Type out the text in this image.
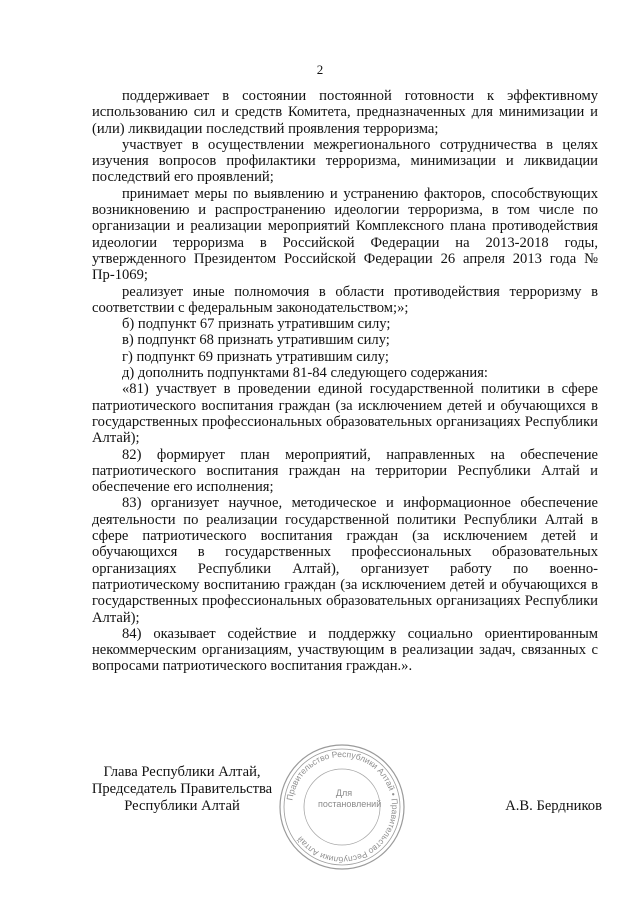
2

поддерживает в состоянии постоянной готовности к эффективному использованию сил и средств Комитета, предназначенных для минимизации и (или) ликвидации последствий проявления терроризма;

участвует в осуществлении межрегионального сотрудничества в целях изучения вопросов профилактики терроризма, минимизации и ликвидации последствий его проявлений;

принимает меры по выявлению и устранению факторов, способствующих возникновению и распространению идеологии терроризма, в том числе по организации и реализации мероприятий Комплексного плана противодействия идеологии терроризма в Российской Федерации на 2013-2018 годы, утвержденного Президентом Российской Федерации 26 апреля 2013 года № Пр-1069;

реализует иные полномочия в области противодействия терроризму в соответствии с федеральным законодательством;»;

б) подпункт 67 признать утратившим силу;

в) подпункт 68 признать утратившим силу;

г) подпункт 69 признать утратившим силу;

д) дополнить подпунктами 81-84 следующего содержания:

«81) участвует в проведении единой государственной политики в сфере патриотического воспитания граждан (за исключением детей и обучающихся в государственных профессиональных образовательных организациях Республики Алтай);

82) формирует план мероприятий, направленных на обеспечение патриотического воспитания граждан на территории Республики Алтай и обеспечение его исполнения;

83) организует научное, методическое и информационное обеспечение деятельности по реализации государственной политики Республики Алтай в сфере патриотического воспитания граждан (за исключением детей и обучающихся в государственных профессиональных образовательных организациях Республики Алтай), организует работу по военно-патриотическому воспитанию граждан (за исключением детей и обучающихся в государственных профессиональных образовательных организациях Республики Алтай);

84) оказывает содействие и поддержку социально ориентированным некоммерческим организациям, участвующим в реализации задач, связанных с вопросами патриотического воспитания граждан.».

Правительство Республики Алтай • Правительство Республики Алтай
Для
постановлений
Глава Республики Алтай,
Председатель Правительства
Республики Алтай	А.В. Бердников
